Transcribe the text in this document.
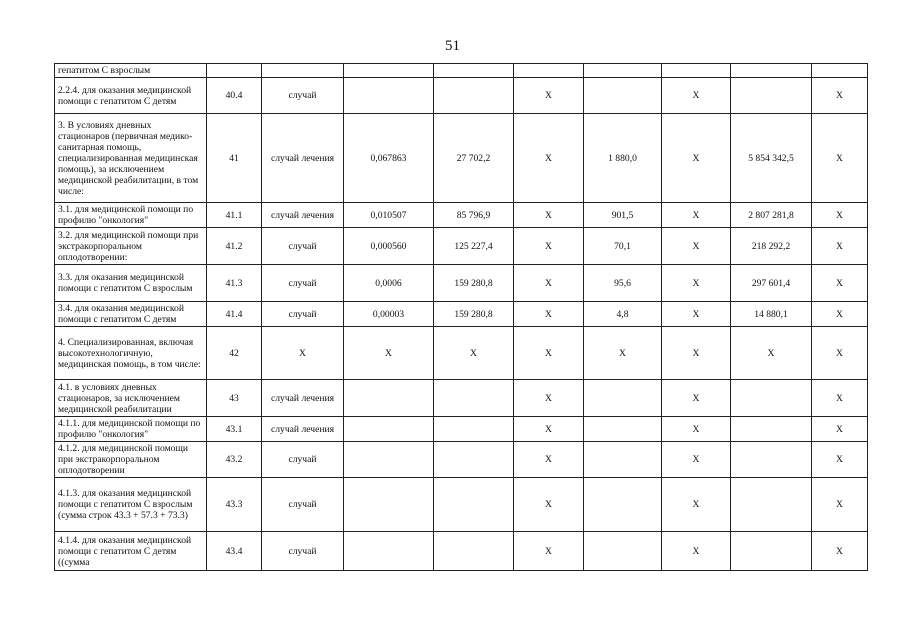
51
гепатитом С взрослым									
2.2.4. для оказания медицинской помощи с гепатитом С детям	40.4	случай			X		X		X
3. В условиях дневных стационаров (первичная медико-санитарная помощь, специализированная медицинская помощь), за исключением медицинской реабилитации, в том числе:	41	случай лечения	0,067863	27 702,2	X	1 880,0	X	5 854 342,5	X
3.1. для медицинской помощи по профилю "онкология"	41.1	случай лечения	0,010507	85 796,9	X	901,5	X	2 807 281,8	X
3.2. для медицинской помощи при экстракорпоральном оплодотворении:	41.2	случай	0,000560	125 227,4	X	70,1	X	218 292,2	X
3.3. для оказания медицинской помощи с гепатитом С взрослым	41.3	случай	0,0006	159 280,8	X	95,6	X	297 601,4	X
3.4. для оказания медицинской помощи с гепатитом С детям	41.4	случай	0,00003	159 280,8	X	4,8	X	14 880,1	X
4. Специализированная, включая высокотехнологичную, медицинская помощь, в том числе:	42	X	X	X	X	X	X	X	X
4.1. в условиях дневных стационаров, за исключением медицинской реабилитации	43	случай лечения			X		X		X
4.1.1. для медицинской помощи по профилю "онкология"	43.1	случай лечения			X		X		X
4.1.2. для медицинской помощи при экстракорпоральном оплодотворении	43.2	случай			X		X		X
4.1.3. для оказания медицинской помощи с гепатитом С взрослым (сумма строк 43.3 + 57.3 + 73.3)	43.3	случай			X		X		X
4.1.4. для оказания медицинской помощи с гепатитом С детям ((сумма	43.4	случай			X		X		X
